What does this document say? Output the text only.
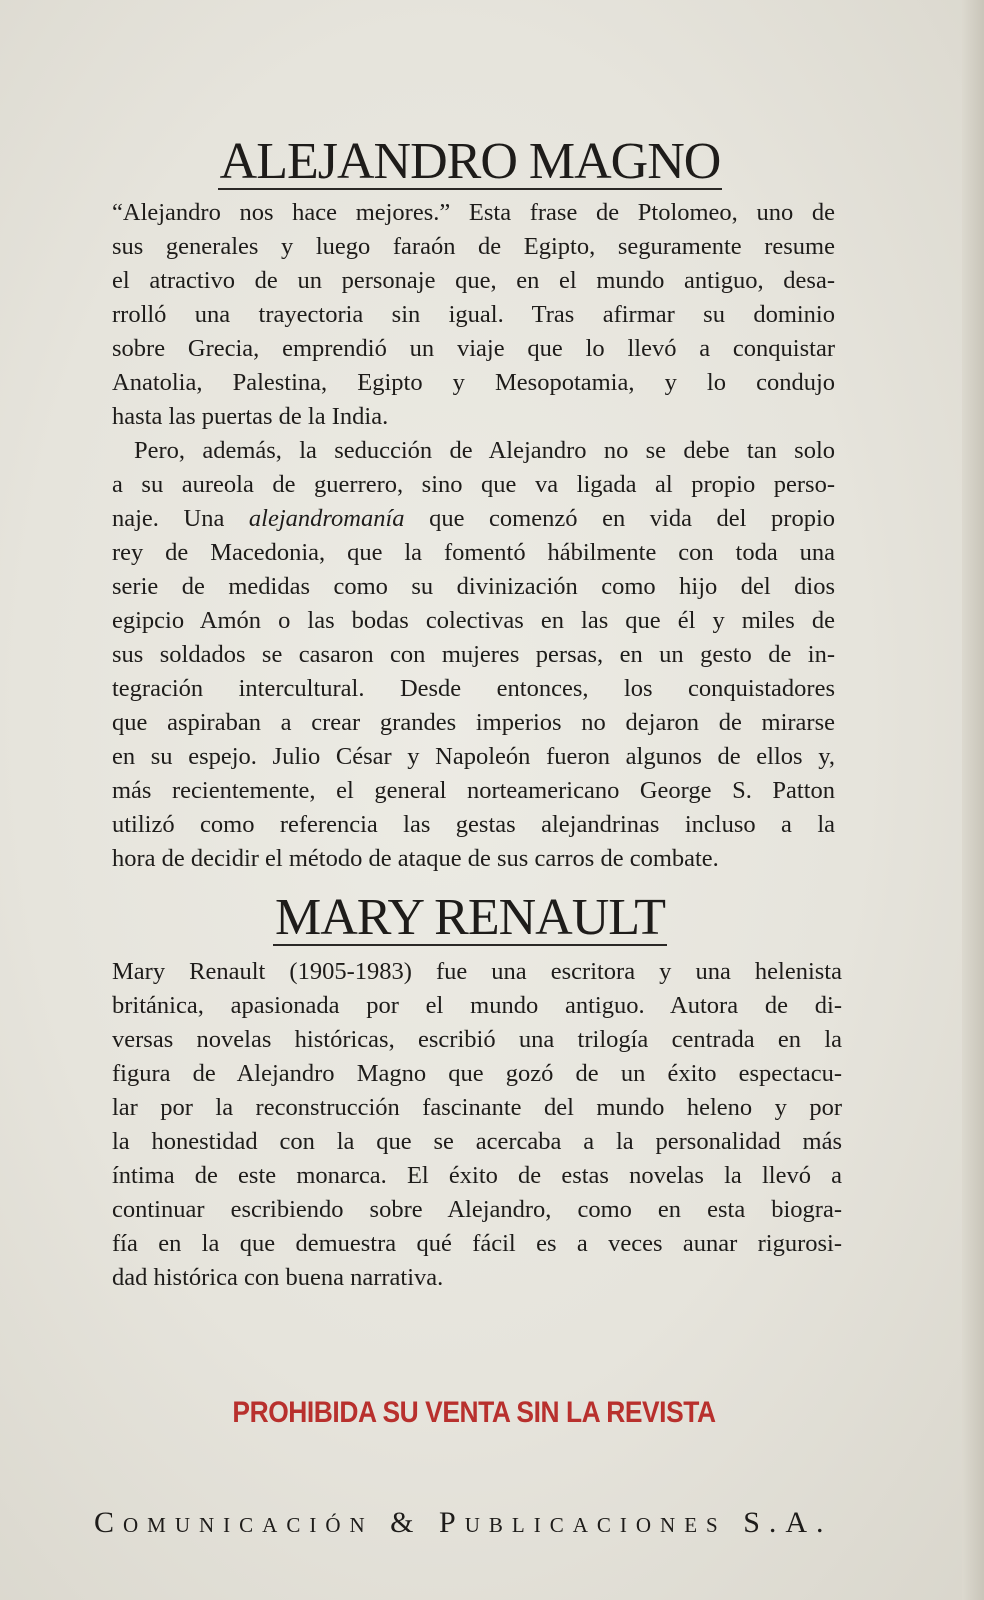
ALEJANDRO MAGNO
“Alejandro nos hace mejores.” Esta frase de Ptolomeo, uno de
sus generales y luego faraón de Egipto, seguramente resume
el atractivo de un personaje que, en el mundo antiguo, desa-
rrolló una trayectoria sin igual. Tras afirmar su dominio
sobre Grecia, emprendió un viaje que lo llevó a conquistar
Anatolia, Palestina, Egipto y Mesopotamia, y lo condujo
hasta las puertas de la India.
Pero, además, la seducción de Alejandro no se debe tan solo
a su aureola de guerrero, sino que va ligada al propio perso-
naje. Una alejandromanía que comenzó en vida del propio
rey de Macedonia, que la fomentó hábilmente con toda una
serie de medidas como su divinización como hijo del dios
egipcio Amón o las bodas colectivas en las que él y miles de
sus soldados se casaron con mujeres persas, en un gesto de in-
tegración intercultural. Desde entonces, los conquistadores
que aspiraban a crear grandes imperios no dejaron de mirarse
en su espejo. Julio César y Napoleón fueron algunos de ellos y,
más recientemente, el general norteamericano George S. Patton
utilizó como referencia las gestas alejandrinas incluso a la
hora de decidir el método de ataque de sus carros de combate.
MARY RENAULT
Mary Renault (1905-1983) fue una escritora y una helenista
británica, apasionada por el mundo antiguo. Autora de di-
versas novelas históricas, escribió una trilogía centrada en la
figura de Alejandro Magno que gozó de un éxito espectacu-
lar por la reconstrucción fascinante del mundo heleno y por
la honestidad con la que se acercaba a la personalidad más
íntima de este monarca. El éxito de estas novelas la llevó a
continuar escribiendo sobre Alejandro, como en esta biogra-
fía en la que demuestra qué fácil es a veces aunar rigurosi-
dad histórica con buena narrativa.
PROHIBIDA SU VENTA SIN LA REVISTA
Comunicación & Publicaciones S.A.
